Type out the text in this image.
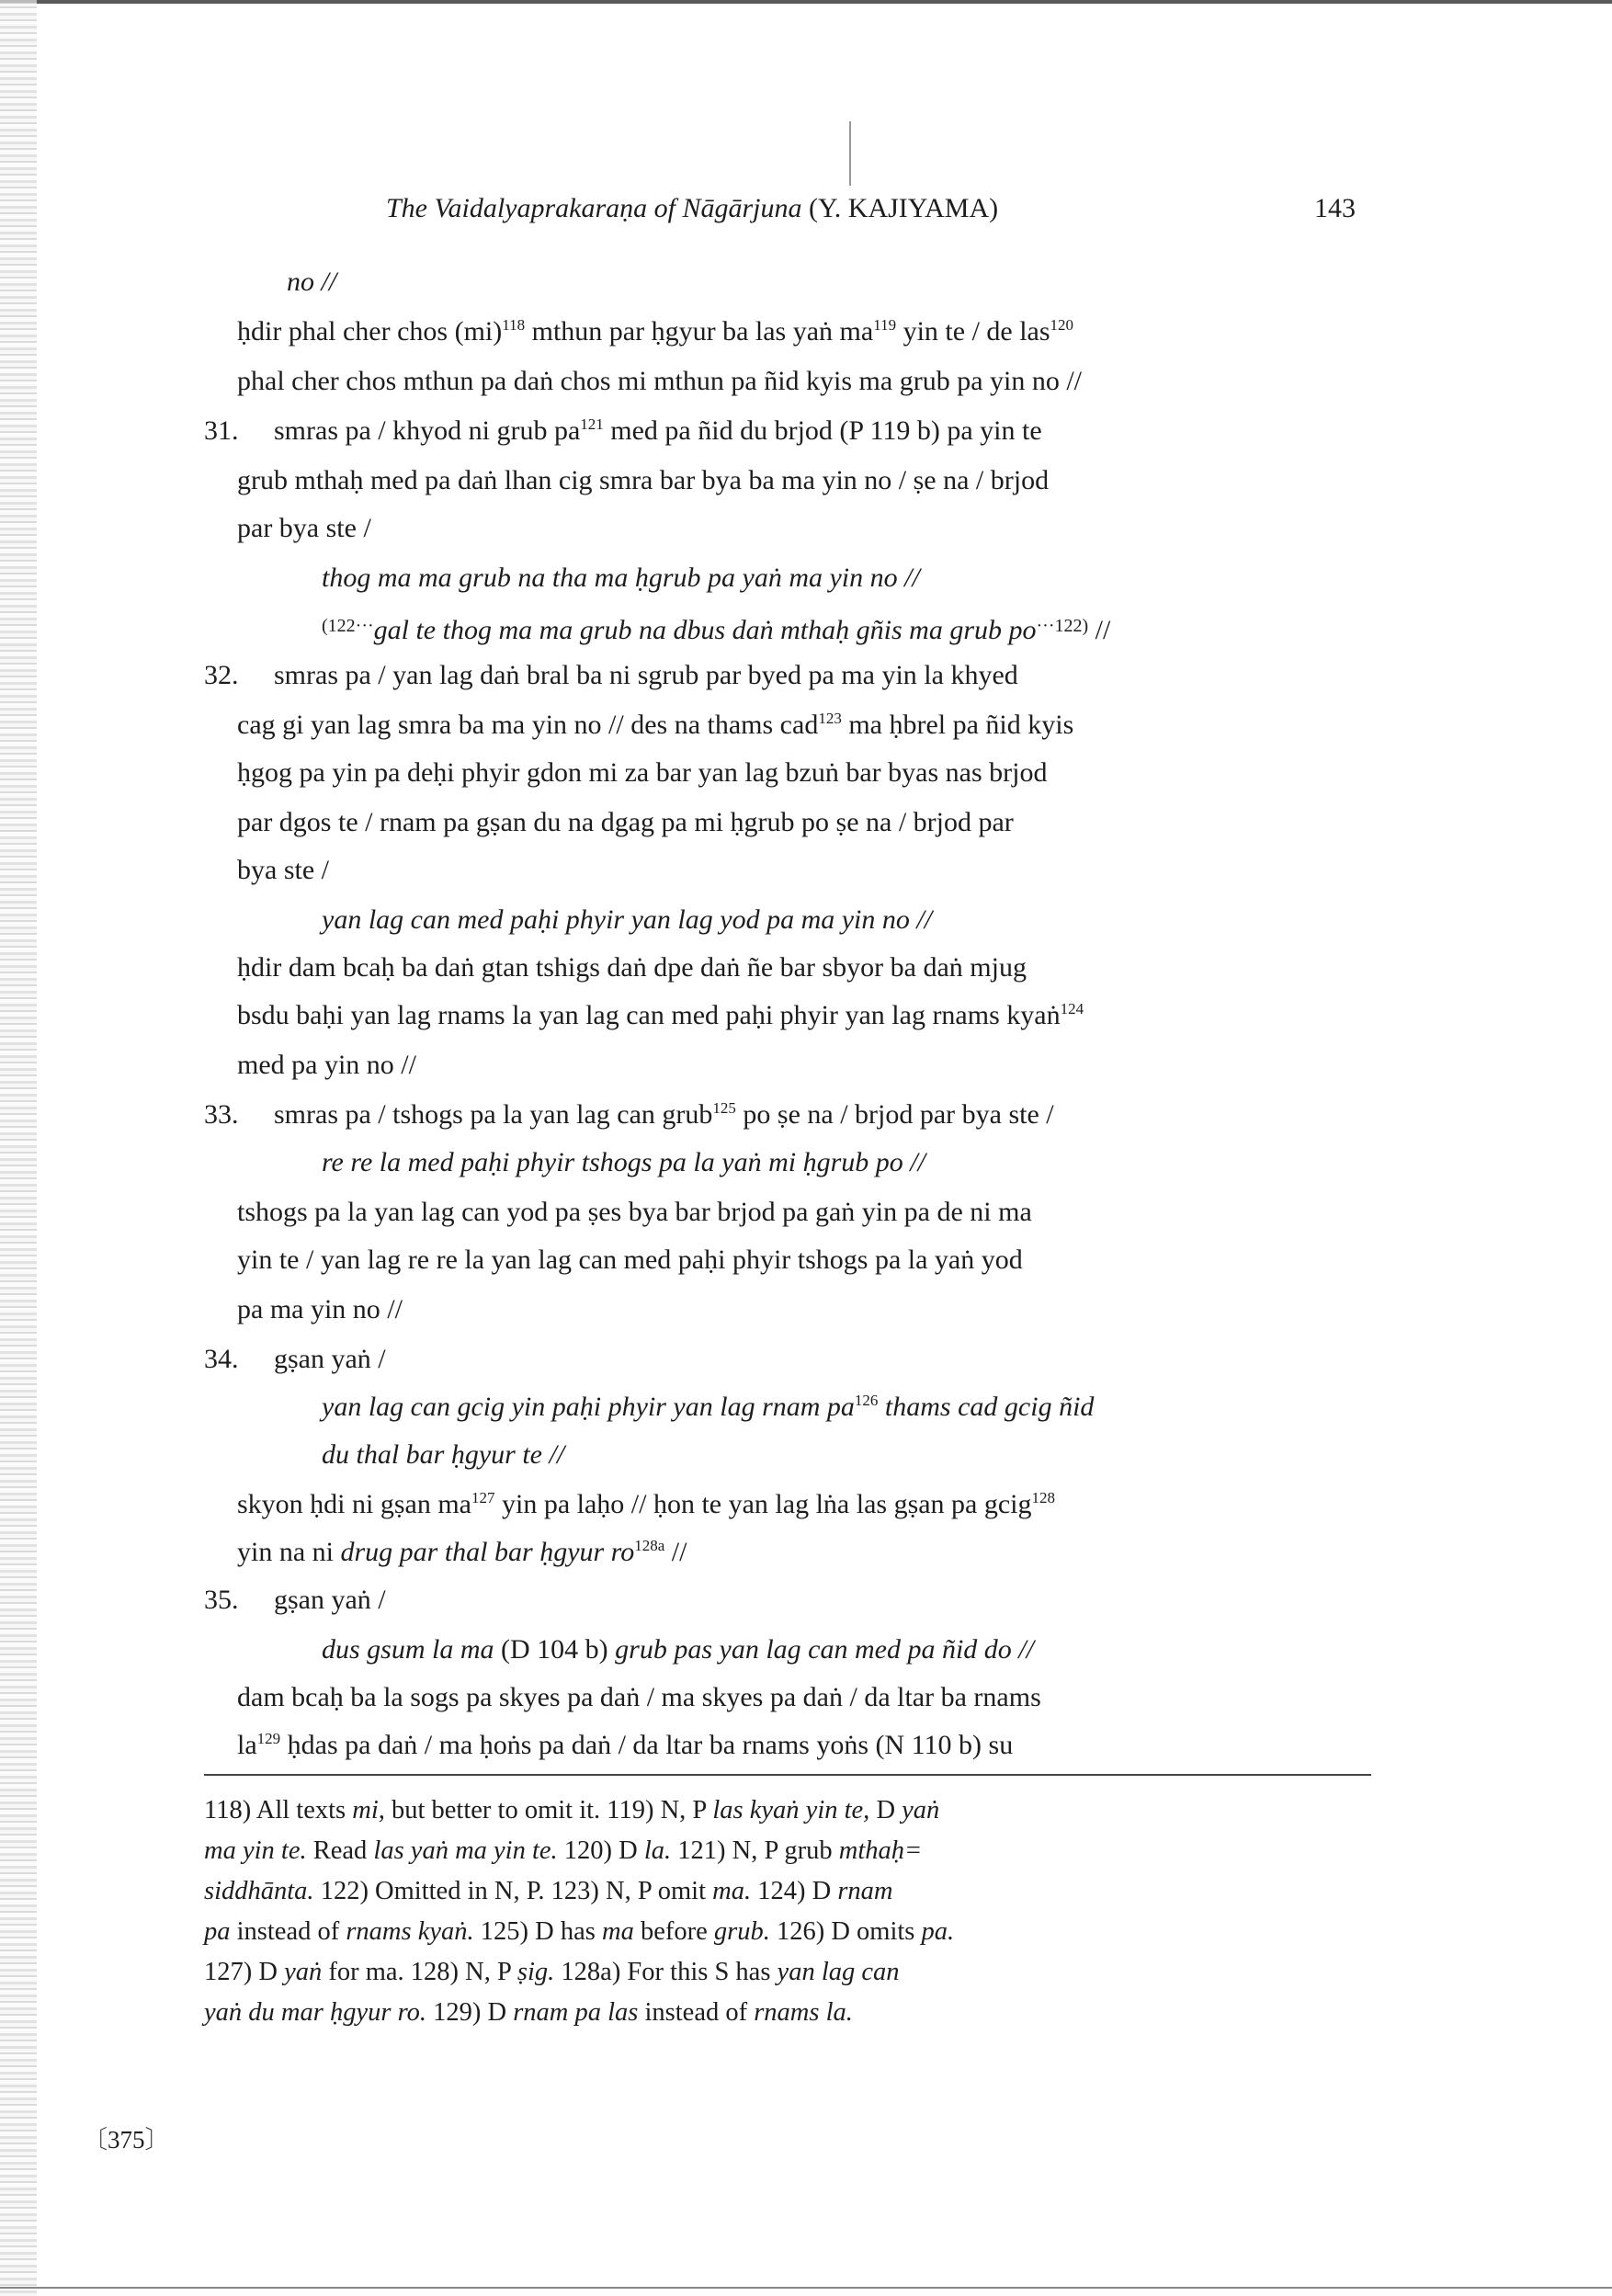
The Vaidalyaprakaraṇa of Nāgārjuna (Y. KAJIYAMA)	143
no //
ḥdir phal cher chos (mi)$^{118}$ mthun par ḥgyur ba las yaṅ $ma^{119}$ yin te / de las$^{120}$
phal cher chos mthun pa daṅ chos mi mthun pa ñid kyis ma grub pa yin no //
31. smras pa / khyod ni grub $pa^{121}$ med pa ñid du brjod (P 119 b) pa yin te
grub mthaḥ med pa daṅ lhan cig smra bar bya ba ma yin no / ṣe na / brjod
par bya ste /
thog ma ma grub na tha ma ḥgrub pa yaṅ ma yin no //
$^{(122\cdot\cdot\cdot}$gal te thog ma ma grub na dbus daṅ mthaḥ gñis ma grub $po^{\cdot\cdot\cdot 122)}$ //
32. smras pa / yan lag daṅ bral ba ni sgrub par byed pa ma yin la khyed
cag gi yan lag smra ba ma yin no // des na thams cad$^{123}$ ma ḥbrel pa ñid kyis
ḥgog pa yin pa deḥi phyir gdon mi za bar yan lag bzuṅ bar byas nas brjod
par dgos te / rnam pa gṣan du na dgag pa mi ḥgrub po ṣe na / brjod par
bya ste /
yan lag can med paḥi phyir yan lag yod pa ma yin no //
ḥdir dam bcaḥ ba daṅ gtan tshigs daṅ dpe daṅ ñe bar sbyor ba daṅ mjug
bsdu baḥi yan lag rnams la yan lag can med paḥi phyir yan lag rnams kyaṅ$^{124}$
med pa yin no //
33. smras pa / tshogs pa la yan lag can grub$^{125}$ po ṣe na / brjod par bya ste /
re re la med paḥi phyir tshogs pa la yaṅ mi ḥgrub po //
tshogs pa la yan lag can yod pa ṣes bya bar brjod pa gaṅ yin pa de ni ma
yin te / yan lag re re la yan lag can med paḥi phyir tshogs pa la yaṅ yod
pa ma yin no //
34. gṣan yaṅ /
yan lag can gcig yin paḥi phyir yan lag rnam $pa^{126}$ thams cad gcig ñid
du thal bar ḥgyur te //
skyon ḥdi ni gṣan $ma^{127}$ yin pa laḥo // ḥon te yan lag lṅa las gṣan pa gcig$^{128}$
yin na ni drug par thal bar ḥgyur $ro^{128a}$ //
35. gṣan yaṅ /
dus gsum la ma (D 104 b) grub pas yan lag can med pa ñid do //
dam bcaḥ ba la sogs pa skyes pa daṅ / ma skyes pa daṅ / da ltar ba rnams
$la^{129}$ ḥdas pa daṅ / ma ḥoṅs pa daṅ / da ltar ba rnams yoṅs (N 110 b) su
118) All texts mi, but better to omit it. 119) N, P las kyaṅ yin te, D yaṅ
ma yin te. Read las yaṅ ma yin te. 120) D la. 121) N, P grub mthaḥ=
siddhānta. 122) Omitted in N, P. 123) N, P omit ma. 124) D rnam
pa instead of rnams kyaṅ. 125) D has ma before grub. 126) D omits pa.
127) D yaṅ for ma. 128) N, P ṣig. 128a) For this S has yan lag can
yaṅ du mar ḥgyur ro. 129) D rnam pa las instead of rnams la.
〔375〕
